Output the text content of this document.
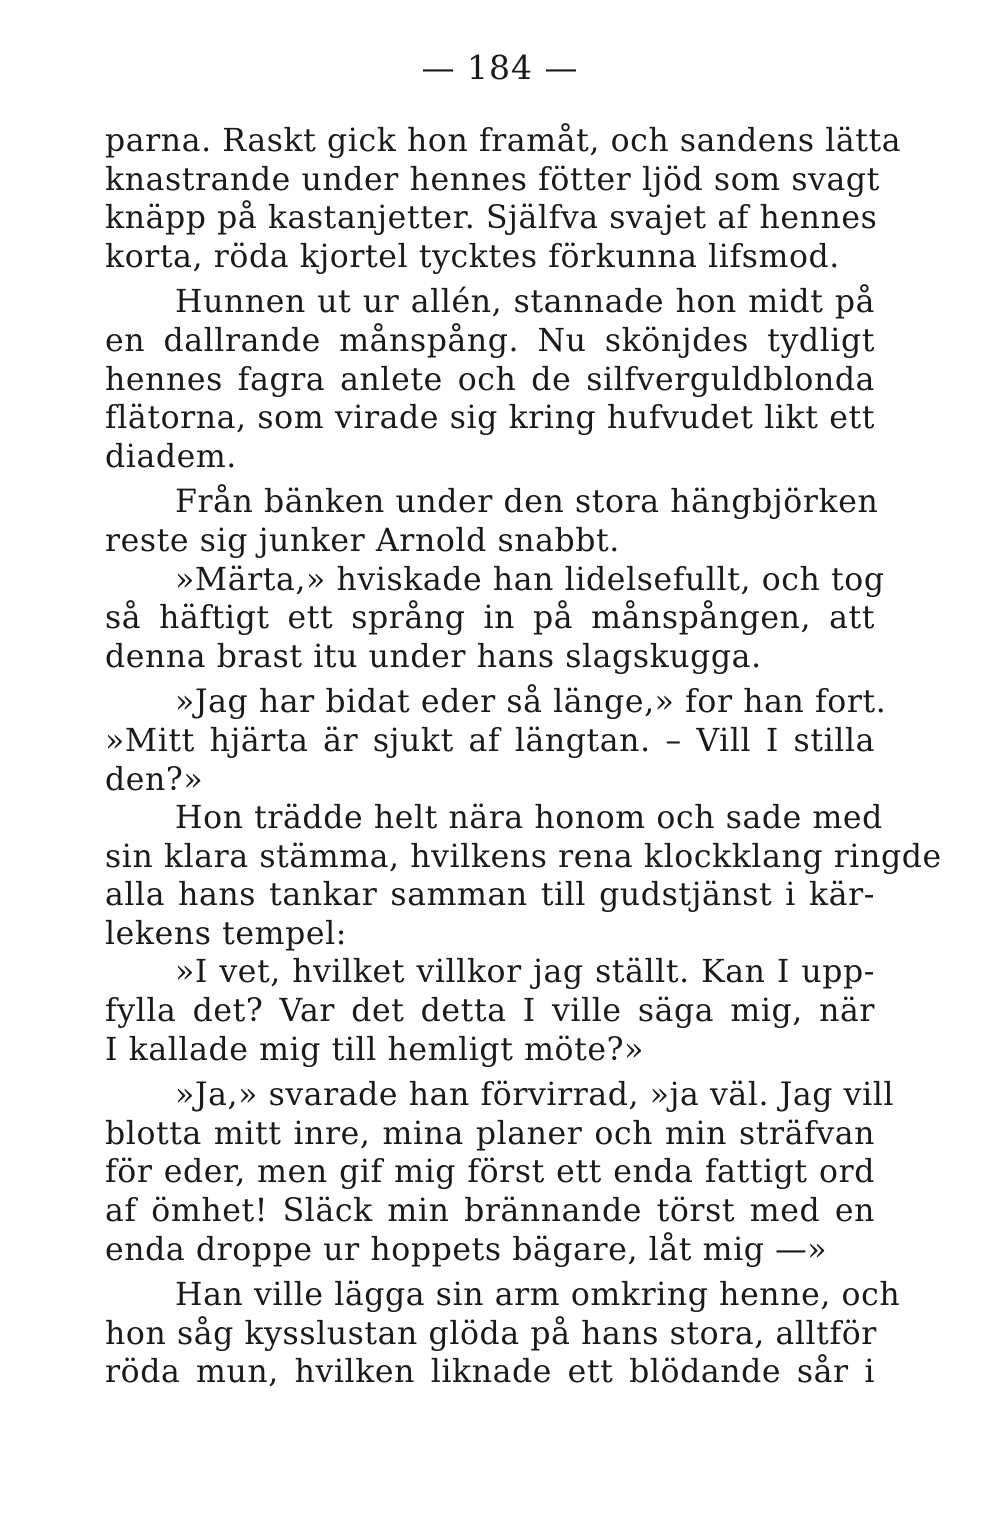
— 184 —
parna. Raskt gick hon framåt, och sandens lätta
knastrande under hennes fötter ljöd som svagt
knäpp på kastanjetter. Själfva svajet af hennes
korta, röda kjortel tycktes förkunna lifsmod.
Hunnen ut ur allén, stannade hon midt på
en dallrande månspång. Nu skönjdes tydligt
hennes fagra anlete och de silfverguldblonda
flätorna, som virade sig kring hufvudet likt ett
diadem.
Från bänken under den stora hängbjörken
reste sig junker Arnold snabbt.
»Märta,» hviskade han lidelsefullt, och tog
så häftigt ett språng in på månspången, att
denna brast itu under hans slagskugga.
»Jag har bidat eder så länge,» for han fort.
»Mitt hjärta är sjukt af längtan. – Vill I stilla
den?»
Hon trädde helt nära honom och sade med
sin klara stämma, hvilkens rena klockklang ringde
alla hans tankar samman till gudstjänst i kär-
lekens tempel:
»I vet, hvilket villkor jag ställt. Kan I upp-
fylla det? Var det detta I ville säga mig, när
I kallade mig till hemligt möte?»
»Ja,» svarade han förvirrad, »ja väl. Jag vill
blotta mitt inre, mina planer och min sträfvan
för eder, men gif mig först ett enda fattigt ord
af ömhet! Släck min brännande törst med en
enda droppe ur hoppets bägare, låt mig —»
Han ville lägga sin arm omkring henne, och
hon såg kysslustan glöda på hans stora, alltför
röda mun, hvilken liknade ett blödande sår i
